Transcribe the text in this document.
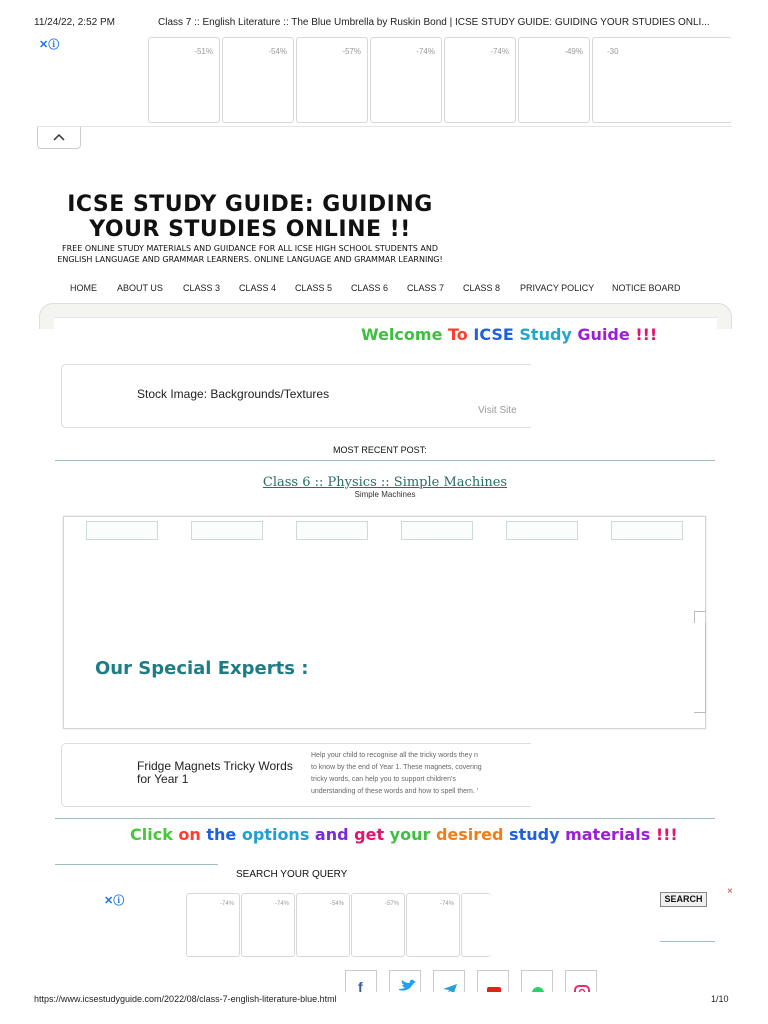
11/24/22, 2:52 PM	Class 7 :: English Literature :: The Blue Umbrella by Ruskin Bond | ICSE STUDY GUIDE: GUIDING YOUR STUDIES ONLI...
✕ⓘ
-51%	-54%	-57%	-74%	-74%	-49%	-30
ICSE STUDY GUIDE: GUIDING
YOUR STUDIES ONLINE !!
FREE ONLINE STUDY MATERIALS AND GUIDANCE FOR ALL ICSE HIGH SCHOOL STUDENTS AND
ENGLISH LANGUAGE AND GRAMMAR LEARNERS. ONLINE LANGUAGE AND GRAMMAR LEARNING!
HOME ABOUT US CLASS 3 CLASS 4 CLASS 5 CLASS 6 CLASS 7 CLASS 8 PRIVACY POLICY NOTICE BOARD
Welcome To ICSE Study Guide !!!
Stock Image: Backgrounds/Textures
Visit Site
MOST RECENT POST:
Class 6 :: Physics :: Simple Machines
Simple Machines
Our Special Experts :
Fridge Magnets Tricky Words
for Year 1
Help your child to recognise all the tricky words they n
to know by the end of Year 1. These magnets, covering
tricky words, can help you to support children's
understanding of these words and how to spell them. '
Click on the options and get your desired study materials !!!
SEARCH YOUR QUERY
SEARCH
×
✕ⓘ	-74%	-74%	-54%	-57%	-74%
f
https://www.icsestudyguide.com/2022/08/class-7-english-literature-blue.html	1/10
